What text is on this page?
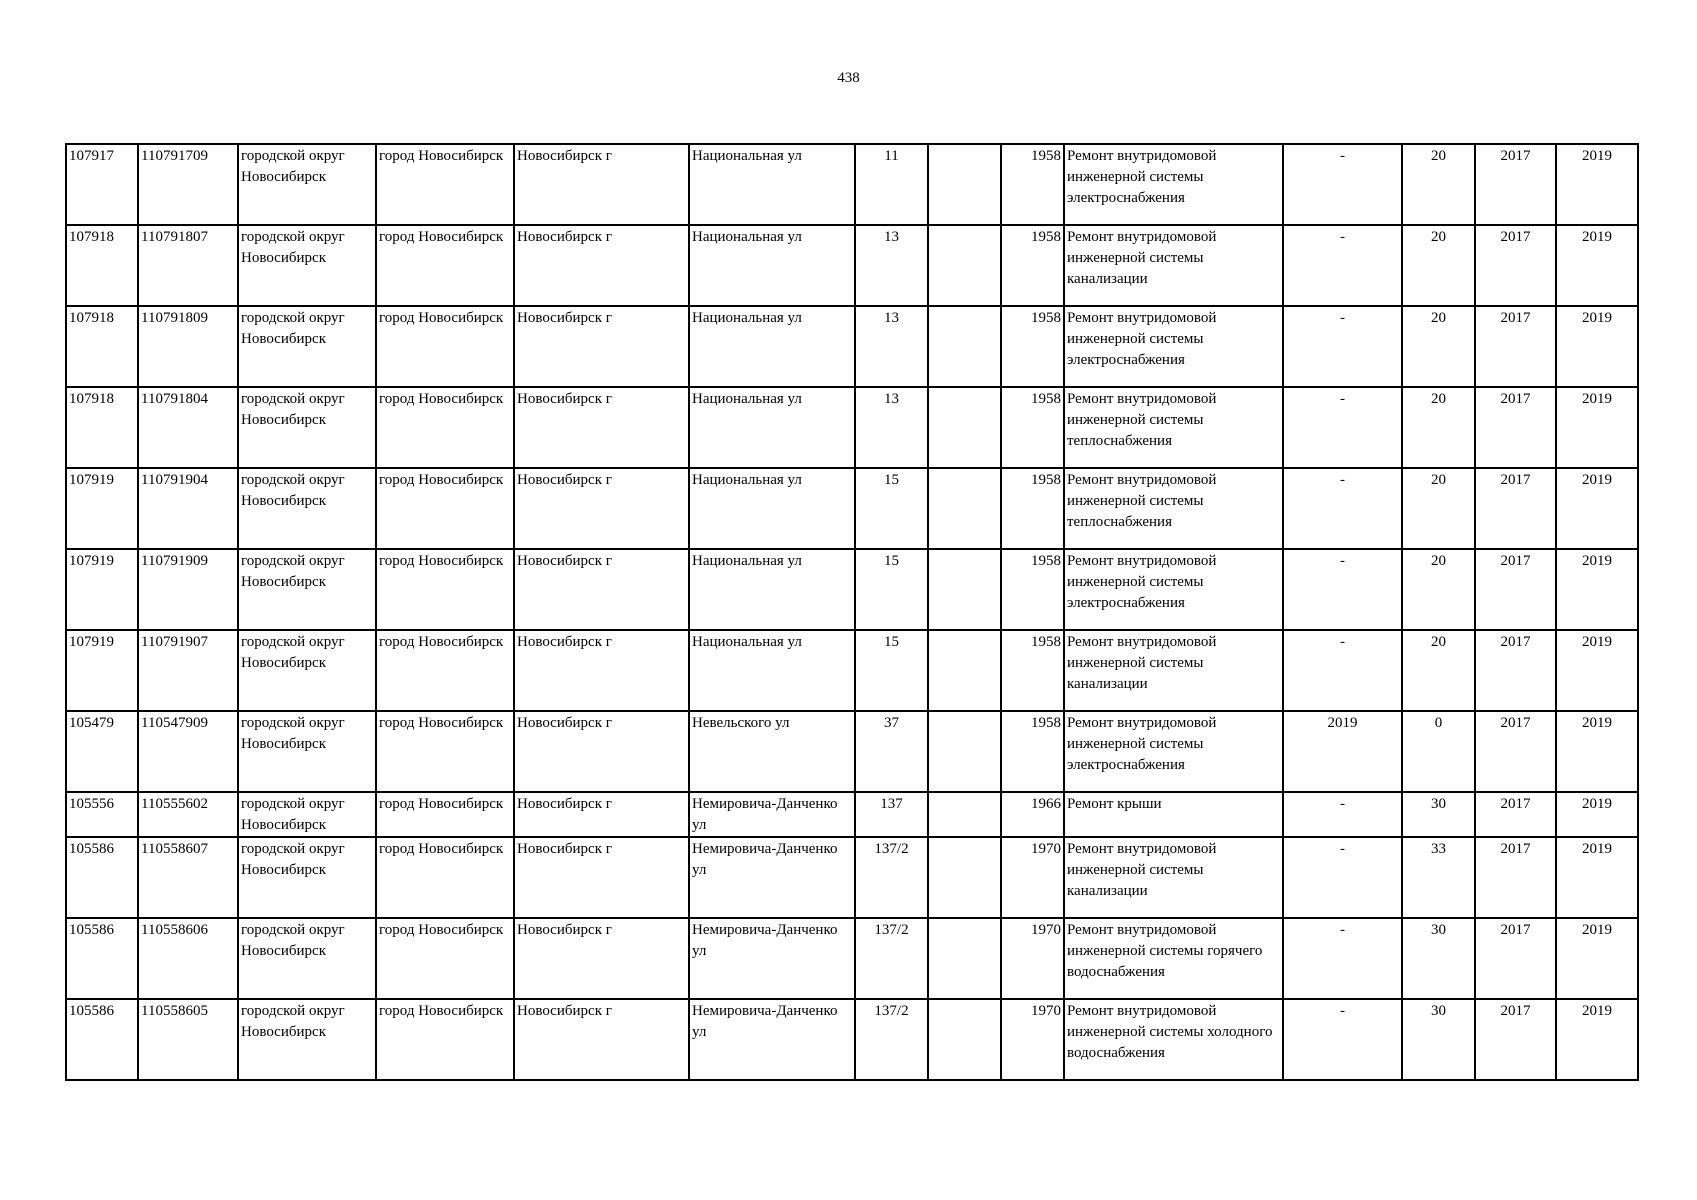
438
107917	110791709	городской округ Новосибирск	город Новосибирск	Новосибирск г	Национальная ул	11		1958	Ремонт внутридомовой инженерной системы электроснабжения	-	20	2017	2019
107918	110791807	городской округ Новосибирск	город Новосибирск	Новосибирск г	Национальная ул	13		1958	Ремонт внутридомовой инженерной системы канализации	-	20	2017	2019
107918	110791809	городской округ Новосибирск	город Новосибирск	Новосибирск г	Национальная ул	13		1958	Ремонт внутридомовой инженерной системы электроснабжения	-	20	2017	2019
107918	110791804	городской округ Новосибирск	город Новосибирск	Новосибирск г	Национальная ул	13		1958	Ремонт внутридомовой инженерной системы теплоснабжения	-	20	2017	2019
107919	110791904	городской округ Новосибирск	город Новосибирск	Новосибирск г	Национальная ул	15		1958	Ремонт внутридомовой инженерной системы теплоснабжения	-	20	2017	2019
107919	110791909	городской округ Новосибирск	город Новосибирск	Новосибирск г	Национальная ул	15		1958	Ремонт внутридомовой инженерной системы электроснабжения	-	20	2017	2019
107919	110791907	городской округ Новосибирск	город Новосибирск	Новосибирск г	Национальная ул	15		1958	Ремонт внутридомовой инженерной системы канализации	-	20	2017	2019
105479	110547909	городской округ Новосибирск	город Новосибирск	Новосибирск г	Невельского ул	37		1958	Ремонт внутридомовой инженерной системы электроснабжения	2019	0	2017	2019
105556	110555602	городской округ Новосибирск	город Новосибирск	Новосибирск г	Немировича-Данченко ул	137		1966	Ремонт крыши	-	30	2017	2019
105586	110558607	городской округ Новосибирск	город Новосибирск	Новосибирск г	Немировича-Данченко ул	137/2		1970	Ремонт внутридомовой инженерной системы канализации	-	33	2017	2019
105586	110558606	городской округ Новосибирск	город Новосибирск	Новосибирск г	Немировича-Данченко ул	137/2		1970	Ремонт внутридомовой инженерной системы горячего водоснабжения	-	30	2017	2019
105586	110558605	городской округ Новосибирск	город Новосибирск	Новосибирск г	Немировича-Данченко ул	137/2		1970	Ремонт внутридомовой инженерной системы холодного водоснабжения	-	30	2017	2019
